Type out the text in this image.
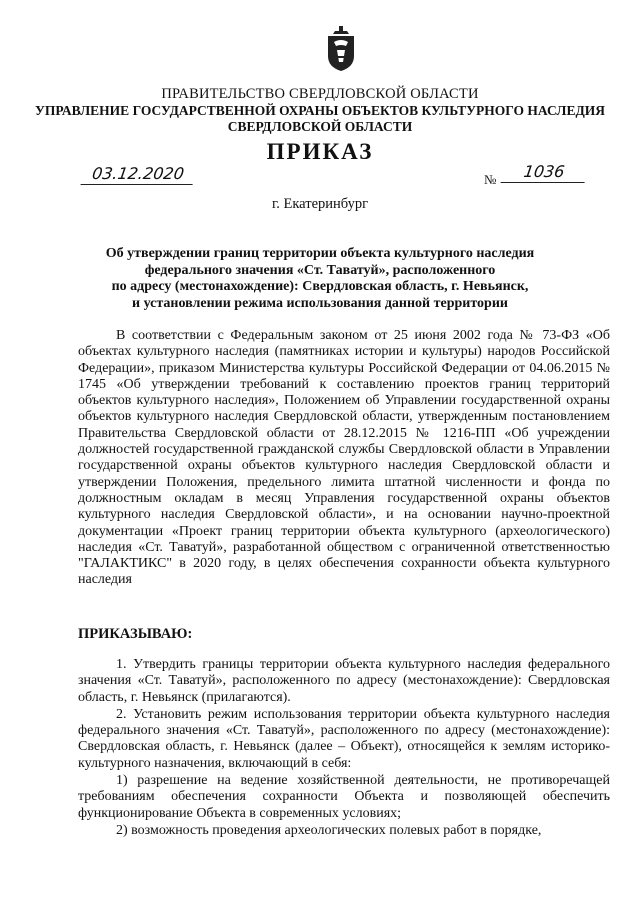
ПРАВИТЕЛЬСТВО СВЕРДЛОВСКОЙ ОБЛАСТИ
УПРАВЛЕНИЕ ГОСУДАРСТВЕННОЙ ОХРАНЫ ОБЪЕКТОВ КУЛЬТУРНОГО НАСЛЕДИЯ
СВЕРДЛОВСКОЙ ОБЛАСТИ
ПРИКАЗ
03.12.2020	№	1036
г. Екатеринбург
Об утверждении границ территории объекта культурного наследия
федерального значения «Ст. Таватуй», расположенного
по адресу (местонахождение): Свердловская область, г. Невьянск,
и установлении режима использования данной территории

В соответствии с Федеральным законом от 25 июня 2002 года № 73-ФЗ «Об объектах культурного наследия (памятниках истории и культуры) народов Российской Федерации», приказом Министерства культуры Российской Федерации от 04.06.2015 № 1745 «Об утверждении требований к составлению проектов границ территорий объектов культурного наследия», Положением об Управлении государственной охраны объектов культурного наследия Свердловской области, утвержденным постановлением Правительства Свердловской области от 28.12.2015 № 1216-ПП «Об учреждении должностей государственной гражданской службы Свердловской области в Управлении государственной охраны объектов культурного наследия Свердловской области и утверждении Положения, предельного лимита штатной численности и фонда по должностным окладам в месяц Управления государственной охраны объектов культурного наследия Свердловской области», и на основании научно-проектной документации «Проект границ территории объекта культурного (археологического) наследия «Ст. Таватуй», разработанной обществом с ограниченной ответственностью "ГАЛАКТИКС" в 2020 году, в целях обеспечения сохранности объекта культурного наследия

ПРИКАЗЫВАЮ:

1. Утвердить границы территории объекта культурного наследия федерального значения «Ст. Таватуй», расположенного по адресу (местонахождение): Свердловская область, г. Невьянск (прилагаются).

2. Установить режим использования территории объекта культурного наследия федерального значения «Ст. Таватуй», расположенного по адресу (местонахождение): Свердловская область, г. Невьянск (далее – Объект), относящейся к землям историко-культурного назначения, включающий в себя:

1) разрешение на ведение хозяйственной деятельности, не противоречащей требованиям обеспечения сохранности Объекта и позволяющей обеспечить функционирование Объекта в современных условиях;

2) возможность проведения археологических полевых работ в порядке,
